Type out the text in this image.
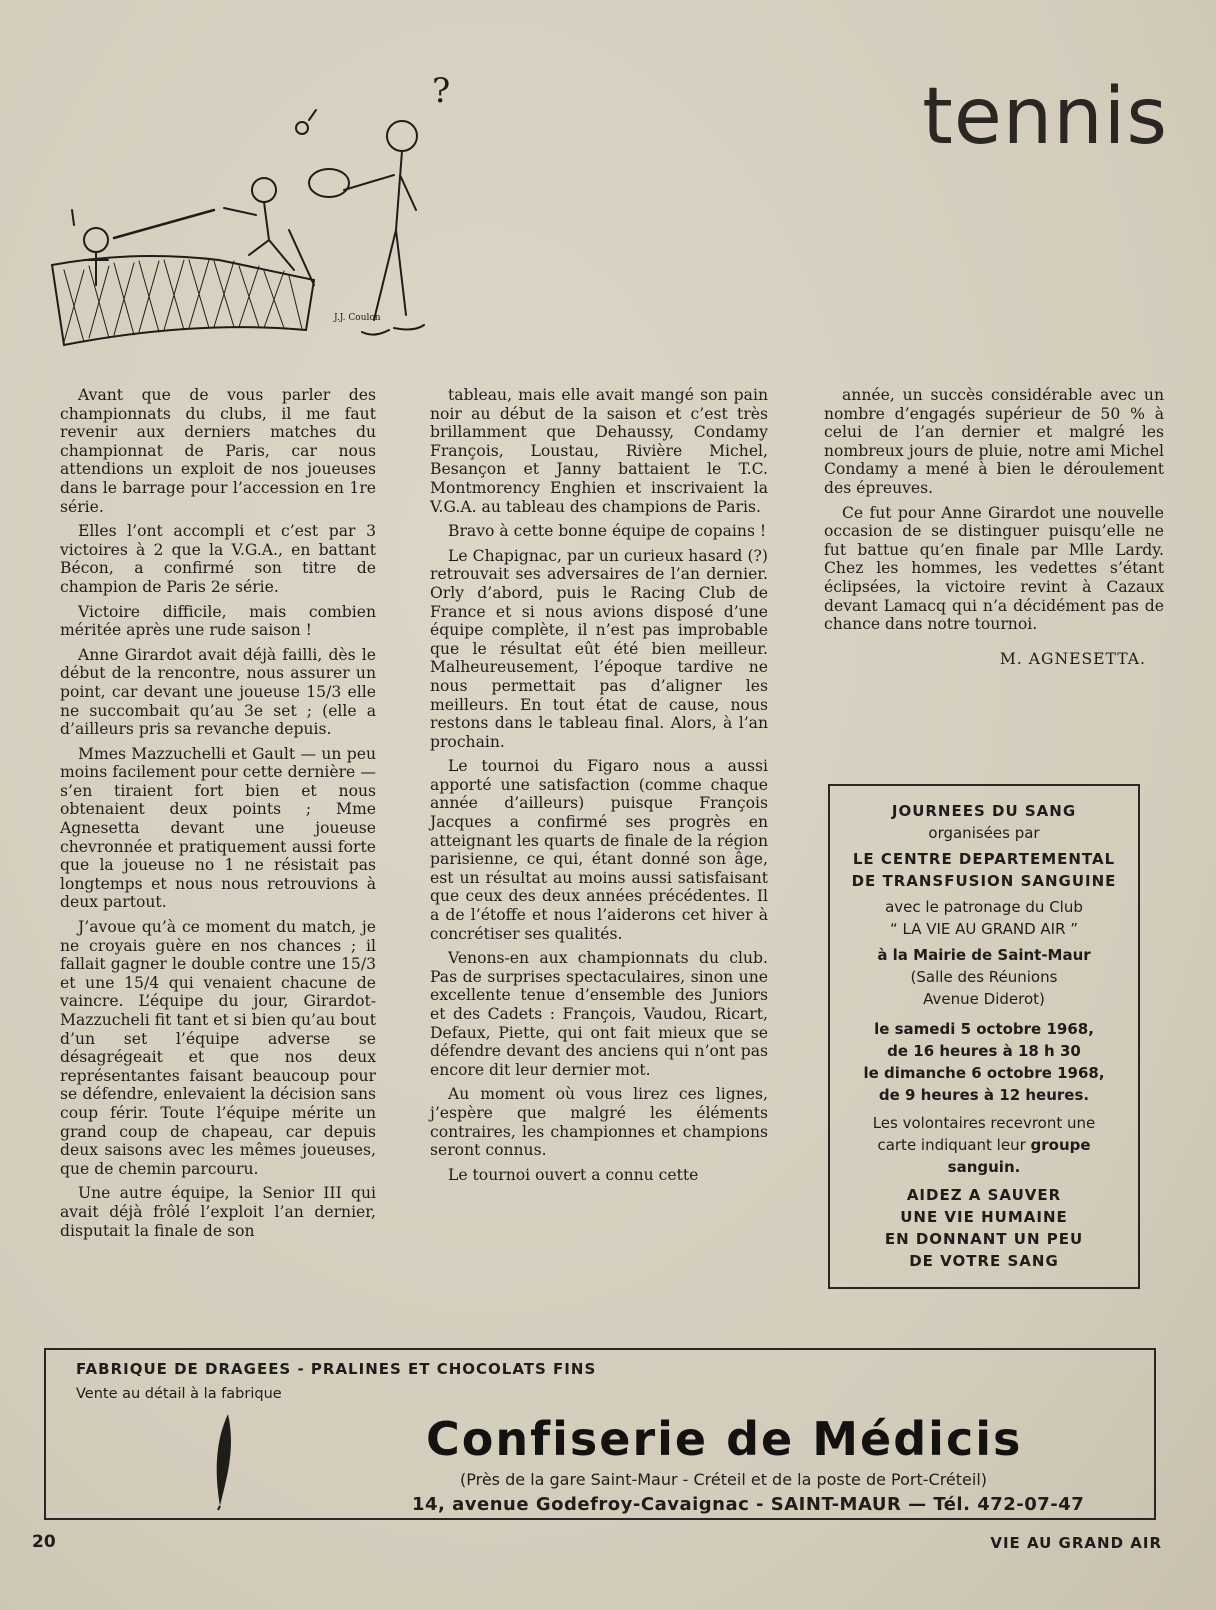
tennis
?
J.J. Coulon

Avant que de vous parler des championnats du clubs, il me faut revenir aux derniers matches du championnat de Paris, car nous attendions un exploit de nos joueuses dans le barrage pour l’accession en 1re série.

Elles l’ont accompli et c’est par 3 victoires à 2 que la V.G.A., en battant Bécon, a confirmé son titre de champion de Paris 2e série.

Victoire difficile, mais combien méritée après une rude saison !

Anne Girardot avait déjà failli, dès le début de la rencontre, nous assurer un point, car devant une joueuse 15/3 elle ne succombait qu’au 3e set ; (elle a d’ailleurs pris sa revanche depuis.

Mmes Mazzuchelli et Gault — un peu moins facilement pour cette dernière — s’en tiraient fort bien et nous obtenaient deux points ; Mme Agnesetta devant une joueuse chevronnée et pratiquement aussi forte que la joueuse no 1 ne résistait pas longtemps et nous nous retrouvions à deux partout.

J’avoue qu’à ce moment du match, je ne croyais guère en nos chances ; il fallait gagner le double contre une 15/3 et une 15/4 qui venaient chacune de vaincre. L’équipe du jour, Girardot-Mazzucheli fit tant et si bien qu’au bout d’un set l’équipe adverse se désagrégeait et que nos deux représentantes faisant beaucoup pour se défendre, enlevaient la décision sans coup férir. Toute l’équipe mérite un grand coup de chapeau, car depuis deux saisons avec les mêmes joueuses, que de chemin parcouru.

Une autre équipe, la Senior III qui avait déjà frôlé l’exploit l’an dernier, disputait la finale de son

tableau, mais elle avait mangé son pain noir au début de la saison et c’est très brillamment que Dehaussy, Condamy François, Loustau, Rivière Michel, Besançon et Janny battaient le T.C. Montmorency Enghien et inscrivaient la V.G.A. au tableau des champions de Paris.

Bravo à cette bonne équipe de copains !

Le Chapignac, par un curieux hasard (?) retrouvait ses adversaires de l’an dernier. Orly d’abord, puis le Racing Club de France et si nous avions disposé d’une équipe complète, il n’est pas improbable que le résultat eût été bien meilleur. Malheureusement, l’époque tardive ne nous permettait pas d’aligner les meilleurs. En tout état de cause, nous restons dans le tableau final. Alors, à l’an prochain.

Le tournoi du Figaro nous a aussi apporté une satisfaction (comme chaque année d’ailleurs) puisque François Jacques a confirmé ses progrès en atteignant les quarts de finale de la région parisienne, ce qui, étant donné son âge, est un résultat au moins aussi satisfaisant que ceux des deux années précédentes. Il a de l’étoffe et nous l’aiderons cet hiver à concrétiser ses qualités.

Venons-en aux championnats du club. Pas de surprises spectaculaires, sinon une excellente tenue d’ensemble des Juniors et des Cadets : François, Vaudou, Ricart, Defaux, Piette, qui ont fait mieux que se défendre devant des anciens qui n’ont pas encore dit leur dernier mot.

Au moment où vous lirez ces lignes, j’espère que malgré les éléments contraires, les championnes et champions seront connus.

Le tournoi ouvert a connu cette

année, un succès considérable avec un nombre d’engagés supérieur de 50 % à celui de l’an dernier et malgré les nombreux jours de pluie, notre ami Michel Condamy a mené à bien le déroulement des épreuves.

Ce fut pour Anne Girardot une nouvelle occasion de se distinguer puisqu’elle ne fut battue qu’en finale par Mlle Lardy. Chez les hommes, les vedettes s’étant éclipsées, la victoire revint à Cazaux devant Lamacq qui n’a décidément pas de chance dans notre tournoi.

M. AGNESETTA.

JOURNEES DU SANG

organisées par

LE CENTRE DEPARTEMENTAL

DE TRANSFUSION SANGUINE

avec le patronage du Club

“ LA VIE AU GRAND AIR ”

à la Mairie de Saint-Maur

(Salle des Réunions

Avenue Diderot)

le samedi 5 octobre 1968,

de 16 heures à 18 h 30

le dimanche 6 octobre 1968,

de 9 heures à 12 heures.

Les volontaires recevront une

carte indiquant leur groupe

sanguin.

AIDEZ A SAUVER

UNE VIE HUMAINE

EN DONNANT UN PEU

DE VOTRE SANG

FABRIQUE DE DRAGEES - PRALINES ET CHOCOLATS FINS
Vente au détail à la fabrique
Confiserie de Médicis
(Près de la gare Saint-Maur - Créteil et de la poste de Port-Créteil)
14, avenue Godefroy-Cavaignac - SAINT-MAUR — Tél. 472-07-47
20	VIE AU GRAND AIR
